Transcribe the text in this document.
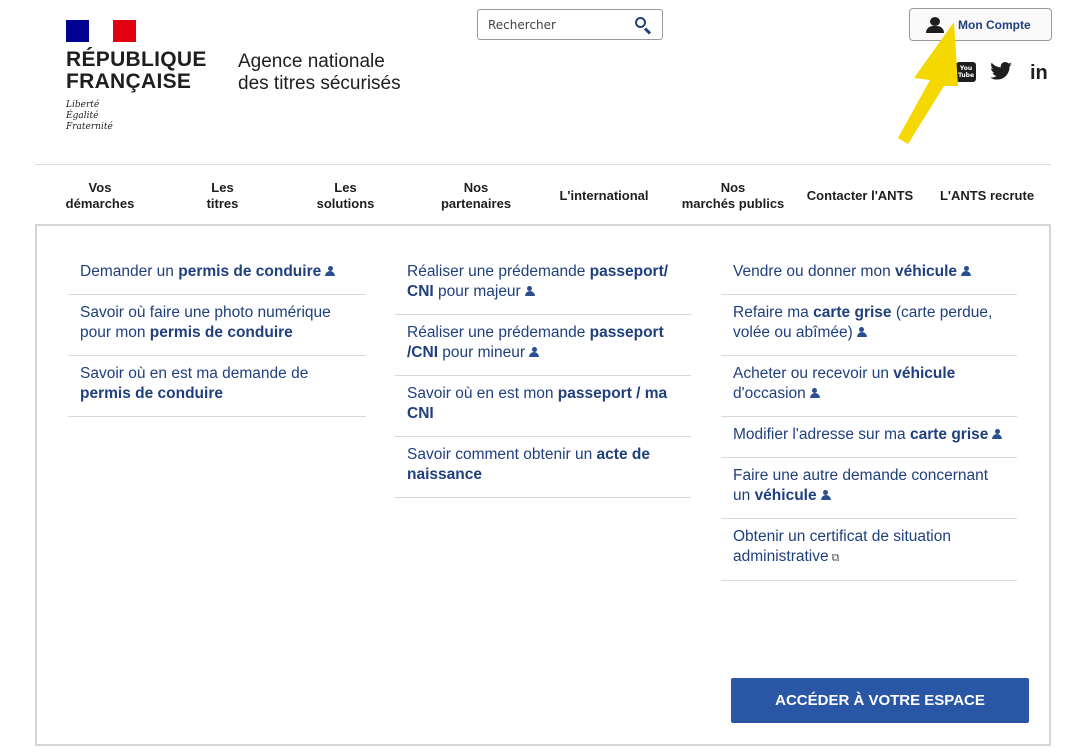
RÉPUBLIQUE
FRANÇAISE
Liberté
Égalité
Fraternité
Agence nationale
des titres sécurisés
Rechercher	Mon Compte
You
Tube	in
Vos
démarches
Les
titres
Les
solutions
Nos
partenaires
L'international
Nos
marchés publics
Contacter l'ANTS	L'ANTS recrute
Demander un permis de conduire
Savoir où faire une photo numérique pour mon permis de conduire
Savoir où en est ma demande de permis de conduire
Réaliser une prédemande passeport/ CNI pour majeur
Réaliser une prédemande passeport /CNI pour mineur
Savoir où en est mon passeport / ma CNI
Savoir comment obtenir un acte de naissance
Vendre ou donner mon véhicule
Refaire ma carte grise (carte perdue, volée ou abîmée)
Acheter ou recevoir un véhicule d'occasion
Modifier l'adresse sur ma carte grise
Faire une autre demande concernant un véhicule
Obtenir un certificat de situation administrative ⧉
ACCÉDER À VOTRE ESPACE
